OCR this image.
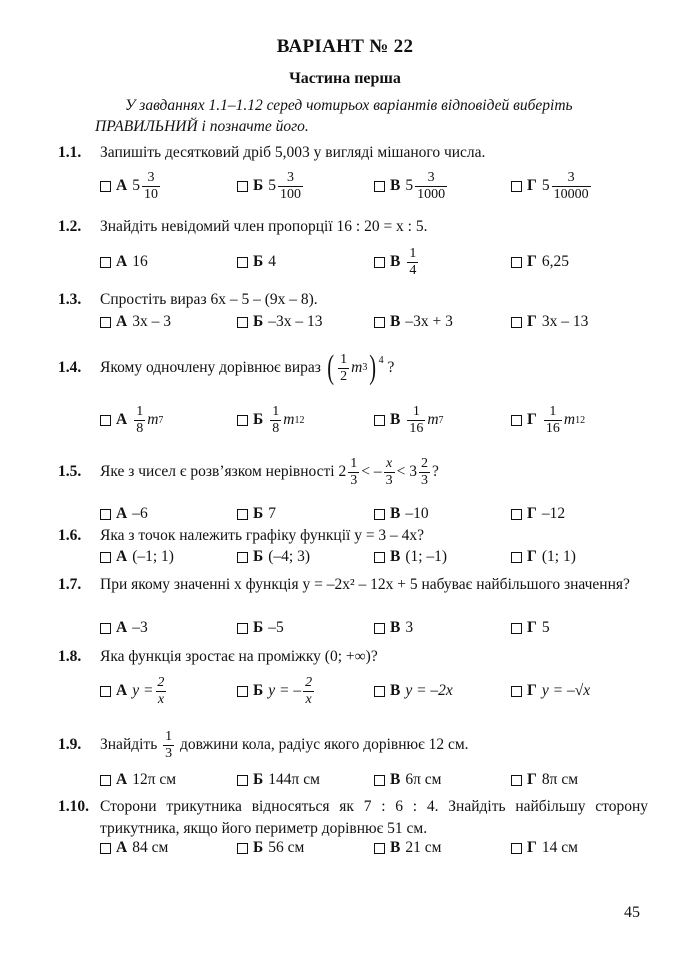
ВАРІАНТ № 22
Частина перша
У завданнях 1.1–1.12 серед чотирьох варіантів відповідей виберіть ПРАВИЛЬНИЙ і позначте його.
1.1. Запишіть десятковий дріб 5,003 у вигляді мішаного числа.
А $5 \frac{3}{10}$	Б $5 \frac{3}{100}$	В $5 \frac{3}{1000}$	Г $5 \frac{3}{10000}$
1.2. Знайдіть невідомий член пропорції 16 : 20 = x : 5.
А 16	Б 4	В $\frac{1}{4}$	Г 6,25
1.3. Спростіть вираз 6x – 5 – (9x – 8).
А 3x – 3	Б –3x – 13	В –3x + 3	Г 3x – 13
1.4. Якому одночлену дорівнює вираз
( $\frac{1}{2}$ m 3 ) 4
?
А $\frac{1}{8}$ m 7	Б $\frac{1}{8}$ m 12	В $\frac{1}{16}$ m 7	Г $\frac{1}{16}$ m 12
1.5. Яке з чисел є розв’язком нерівності
$2 \frac{1}{3}$ < – $\frac{x}{3}$ <
$3 \frac{2}{3}$ ?
А –6	Б 7	В –10	Г –12
1.6. Яка з точок належить графіку функції y = 3 – 4x?
А (–1; 1)	Б (–4; 3)	В (1; –1)	Г (1; 1)
1.7. При якому значенні x функція y = –2x² – 12x + 5 набуває найбільшого значення?
А –3	Б –5	В 3	Г 5
1.8. Яка функція зростає на проміжку (0; +∞)?
А $y = \frac{2}{x}$	Б y = – $\frac{2}{x}$	В y = –2x	Г y = –√x
1.9. Знайдіть
$\frac{1}{3}$
довжини кола, радіус якого дорівнює 12 см.
А 12π см	Б 144π см	В 6π см	Г 8π см
1.10. Сторони трикутника відносяться як 7 : 6 : 4. Знайдіть найбільшу сторону трикутника, якщо його периметр дорівнює 51 см.
А 84 см	Б 56 см	В 21 см	Г 14 см
45
